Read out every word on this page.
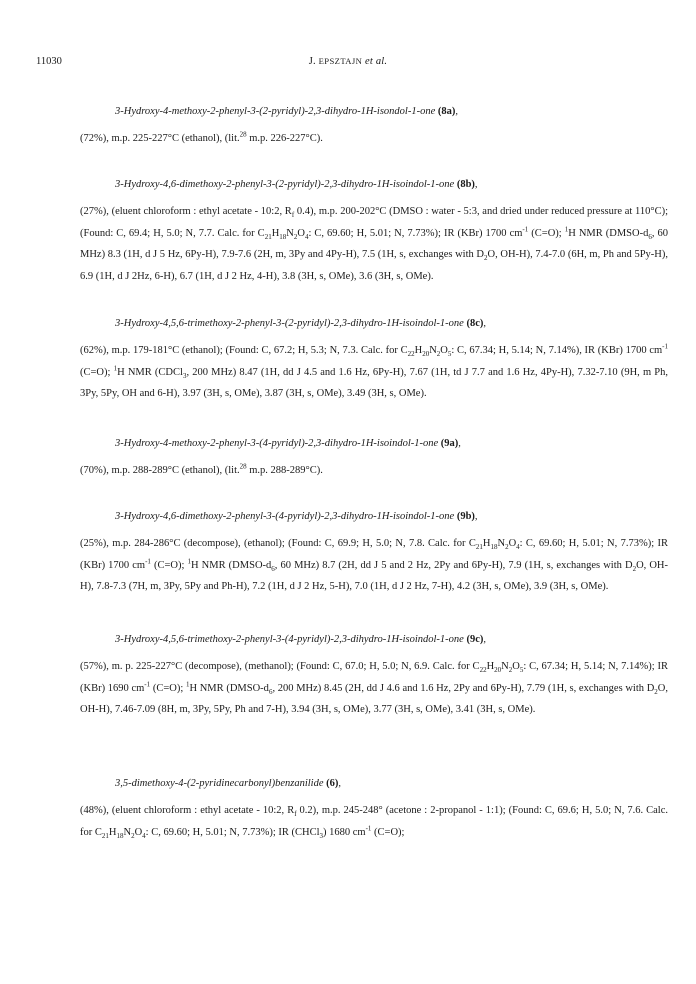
11030	J. EPSZTAJN et al.
3-Hydroxy-4-methoxy-2-phenyl-3-(2-pyridyl)-2,3-dihydro-1H-isondol-1-one (8a),
(72%), m.p. 225-227°C (ethanol), (lit.$^{28}$ m.p. 226-227°C).
3-Hydroxy-4,6-dimethoxy-2-phenyl-3-(2-pyridyl)-2,3-dihydro-1H-isoindol-1-one (8b),
(27%), (eluent chloroform : ethyl acetate - 10:2, $R_f$ 0.4), m.p. 200-202°C (DMSO : water - 5:3, and dried under reduced pressure at 110°C); (Found: C, 69.4; H, 5.0; N, 7.7. Calc. for $C_{21}H_{18}N_2O_4$: C, 69.60; H, 5.01; N, 7.73%); IR (KBr) 1700 $cm^{-1}$ (C=O); $^1$H NMR ($DMSO-d_6$, 60 MHz) 8.3 (1H, d J 5 Hz, 6Py-H), 7.9-7.6 (2H, m, 3Py and 4Py-H), 7.5 (1H, s, exchanges with $D_2O$, OH-H), 7.4-7.0 (6H, m, Ph and 5Py-H), 6.9 (1H, d J 2Hz, 6-H), 6.7 (1H, d J 2 Hz, 4-H), 3.8 (3H, s, OMe), 3.6 (3H, s, OMe).
3-Hydroxy-4,5,6-trimethoxy-2-phenyl-3-(2-pyridyl)-2,3-dihydro-1H-isoindol-1-one (8c),
(62%), m.p. 179-181°C (ethanol); (Found: C, 67.2; H, 5.3; N, 7.3. Calc. for $C_{22}H_{20}N_2O_5$: C, 67.34; H, 5.14; N, 7.14%), IR (KBr) 1700 $cm^{-1}$ (C=O); $^1$H NMR (CDCl$_3$, 200 MHz) 8.47 (1H, dd J 4.5 and 1.6 Hz, 6Py-H), 7.67 (1H, td J 7.7 and 1.6 Hz, 4Py-H), 7.32-7.10 (9H, m Ph, 3Py, 5Py, OH and 6-H), 3.97 (3H, s, OMe), 3.87 (3H, s, OMe), 3.49 (3H, s, OMe).
3-Hydroxy-4-methoxy-2-phenyl-3-(4-pyridyl)-2,3-dihydro-1H-isoindol-1-one (9a),
(70%), m.p. 288-289°C (ethanol), (lit.$^{28}$ m.p. 288-289°C).
3-Hydroxy-4,6-dimethoxy-2-phenyl-3-(4-pyridyl)-2,3-dihydro-1H-isoindol-1-one (9b),
(25%), m.p. 284-286°C (decompose), (ethanol); (Found: C, 69.9; H, 5.0; N, 7.8. Calc. for $C_{21}H_{18}N_2O_4$: C, 69.60; H, 5.01; N, 7.73%); IR (KBr) 1700 $cm^{-1}$ (C=O); $^1$H NMR ($DMSO-d_6$, 60 MHz) 8.7 (2H, dd J 5 and 2 Hz, 2Py and 6Py-H), 7.9 (1H, s, exchanges with $D_2O$, OH-H), 7.8-7.3 (7H, m, 3Py, 5Py and Ph-H), 7.2 (1H, d J 2 Hz, 5-H), 7.0 (1H, d J 2 Hz, 7-H), 4.2 (3H, s, OMe), 3.9 (3H, s, OMe).
3-Hydroxy-4,5,6-trimethoxy-2-phenyl-3-(4-pyridyl)-2,3-dihydro-1H-isoindol-1-one (9c),
(57%), m. p. 225-227°C (decompose), (methanol); (Found: C, 67.0; H, 5.0; N, 6.9. Calc. for $C_{22}H_{20}N_2O_5$: C, 67.34; H, 5.14; N, 7.14%); IR (KBr) 1690 $cm^{-1}$ (C=O); $^1$H NMR ($DMSO-d_6$, 200 MHz) 8.45 (2H, dd J 4.6 and 1.6 Hz, 2Py and 6Py-H), 7.79 (1H, s, exchanges with $D_2O$, OH-H), 7.46-7.09 (8H, m, 3Py, 5Py, Ph and 7-H), 3.94 (3H, s, OMe), 3.77 (3H, s, OMe), 3.41 (3H, s, OMe).
3,5-dimethoxy-4-(2-pyridinecarbonyl)benzanilide (6),
(48%), (eluent chloroform : ethyl acetate - 10:2, $R_f$ 0.2), m.p. 245-248° (acetone : 2-propanol - 1:1); (Found: C, 69.6; H, 5.0; N, 7.6. Calc. for $C_{21}H_{18}N_2O_4$: C, 69.60; H, 5.01; N, 7.73%); IR (CHCl$_3$) 1680 $cm^{-1}$ (C=O);
